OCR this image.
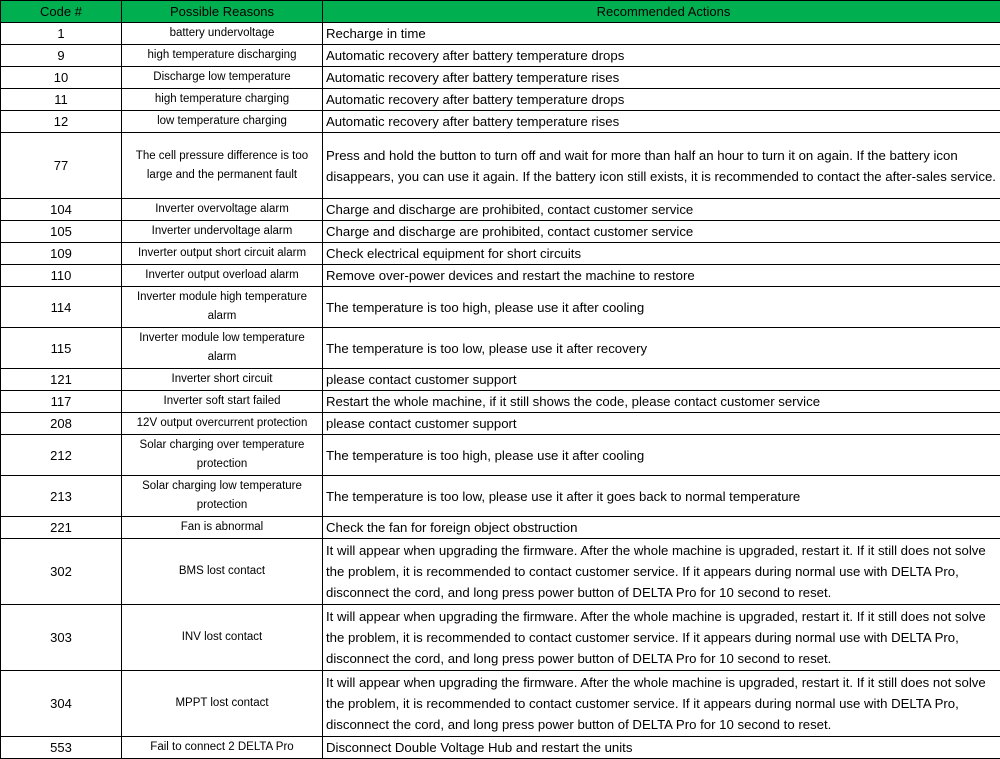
Code #	Possible Reasons	Recommended Actions
1	battery undervoltage	Recharge in time
9	high temperature discharging	Automatic recovery after battery temperature drops
10	Discharge low temperature	Automatic recovery after battery temperature rises
11	high temperature charging	Automatic recovery after battery temperature drops
12	low temperature charging	Automatic recovery after battery temperature rises
77	The cell pressure difference is too large and the permanent fault	Press and hold the button to turn off and wait for more than half an hour to turn it on again. If the battery icon disappears, you can use it again. If the battery icon still exists, it is recommended to contact the after-sales service.
104	Inverter overvoltage alarm	Charge and discharge are prohibited, contact customer service
105	Inverter undervoltage alarm	Charge and discharge are prohibited, contact customer service
109	Inverter output short circuit alarm	Check electrical equipment for short circuits
110	Inverter output overload alarm	Remove over-power devices and restart the machine to restore
114	Inverter module high temperature alarm	The temperature is too high, please use it after cooling
115	Inverter module low temperature alarm	The temperature is too low, please use it after recovery
121	Inverter short circuit	please contact customer support
117	Inverter soft start failed	Restart the whole machine, if it still shows the code, please contact customer service
208	12V output overcurrent protection	please contact customer support
212	Solar charging over temperature protection	The temperature is too high, please use it after cooling
213	Solar charging low temperature protection	The temperature is too low, please use it after it goes back to normal temperature
221	Fan is abnormal	Check the fan for foreign object obstruction
302	BMS lost contact	It will appear when upgrading the firmware. After the whole machine is upgraded, restart it. If it still does not solve the problem, it is recommended to contact customer service. If it appears during normal use with DELTA Pro, disconnect the cord, and long press power button of DELTA Pro for 10 second to reset.
303	INV lost contact	It will appear when upgrading the firmware. After the whole machine is upgraded, restart it. If it still does not solve the problem, it is recommended to contact customer service. If it appears during normal use with DELTA Pro, disconnect the cord, and long press power button of DELTA Pro for 10 second to reset.
304	MPPT lost contact	It will appear when upgrading the firmware. After the whole machine is upgraded, restart it. If it still does not solve the problem, it is recommended to contact customer service. If it appears during normal use with DELTA Pro, disconnect the cord, and long press power button of DELTA Pro for 10 second to reset.
553	Fail to connect 2 DELTA Pro	Disconnect Double Voltage Hub and restart the units
